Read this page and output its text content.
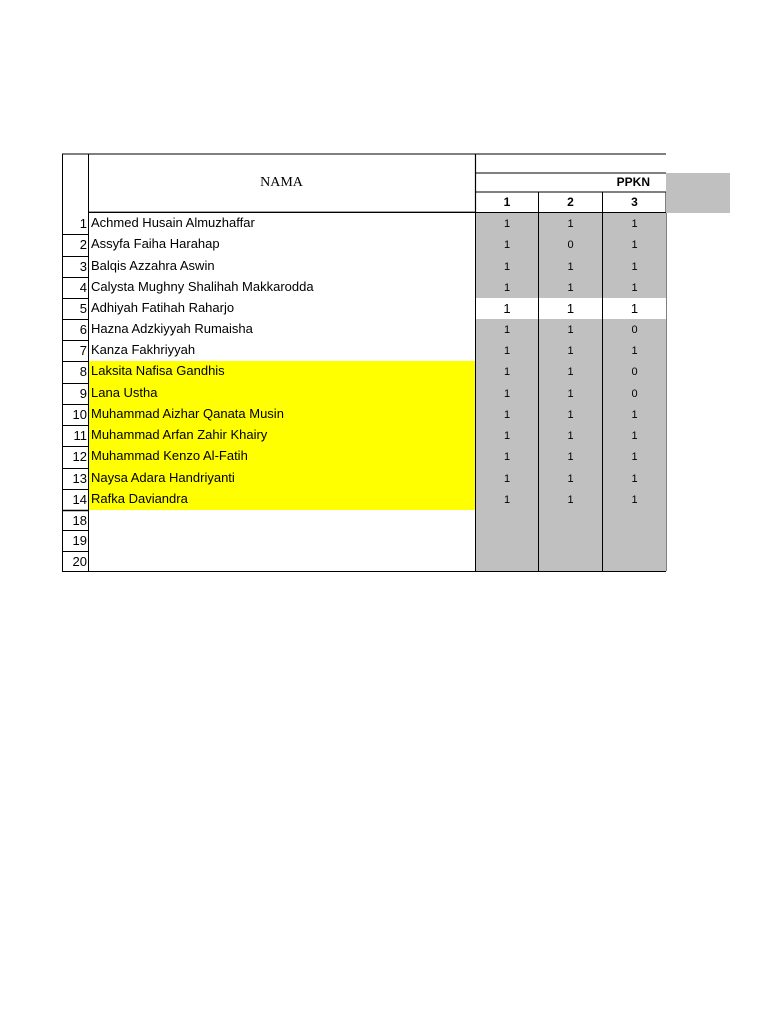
NAMA	PPKN
1	2	3
1 Achmed Husain Almuzhaffar	1	1	1
2 Assyfa Faiha Harahap	1	0	1
3 Balqis Azzahra Aswin	1	1	1
4 Calysta Mughny Shalihah Makkarodda	1	1	1
5 Adhiyah Fatihah Raharjo	1	1	1
6 Hazna Adzkiyyah Rumaisha	1	1	0
7 Kanza Fakhriyyah	1	1	1
8 Laksita Nafisa Gandhis	1	1	0
9 Lana Ustha	1	1	0
10 Muhammad Aizhar Qanata Musin	1	1	1
11 Muhammad Arfan Zahir Khairy	1	1	1
12 Muhammad Kenzo Al-Fatih	1	1	1
13 Naysa Adara Handriyanti	1	1	1
14 Rafka Daviandra	1	1	1
18
19
20
